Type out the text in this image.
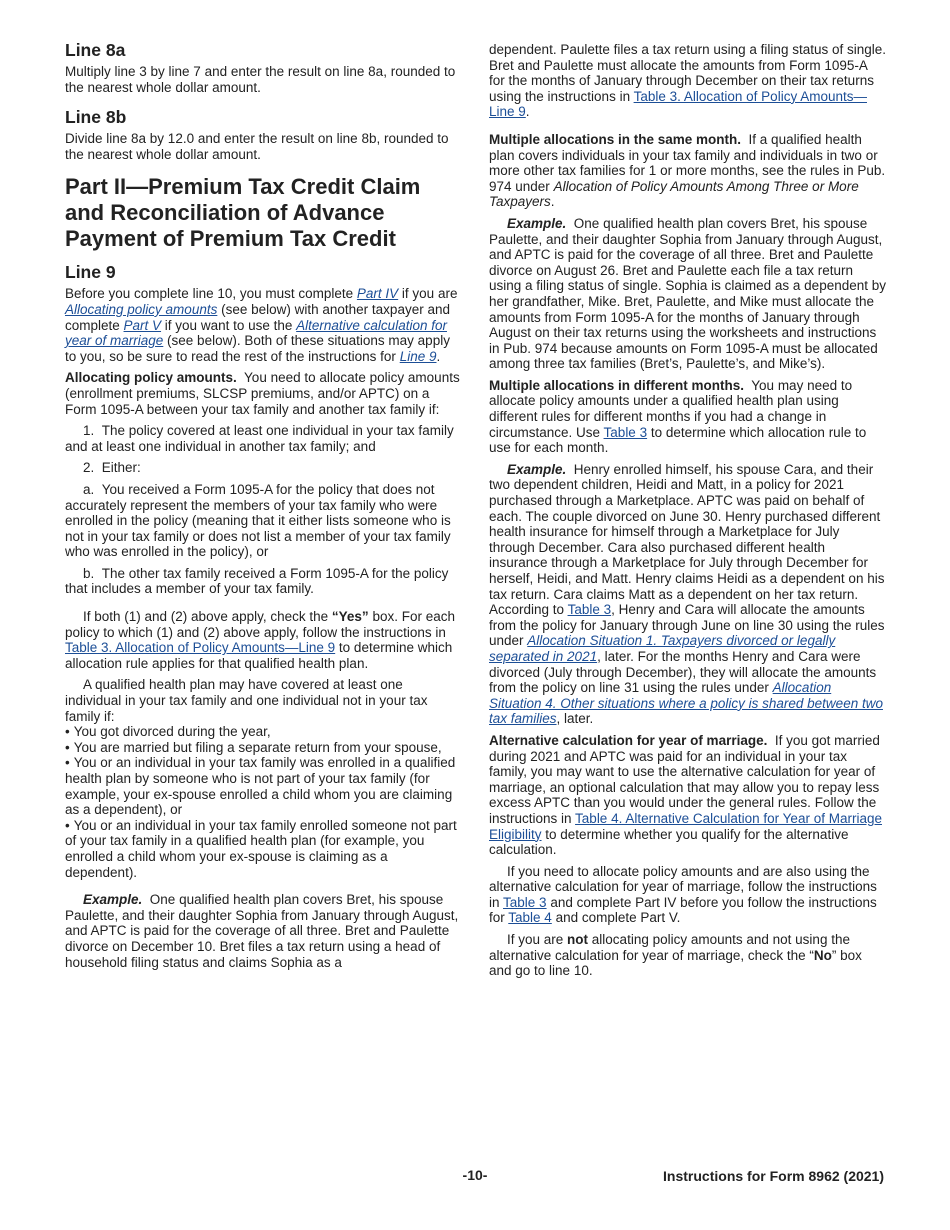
Line 8a

Multiply line 3 by line 7 and enter the result on line 8a, rounded to the nearest whole dollar amount.

Line 8b

Divide line 8a by 12.0 and enter the result on line 8b, rounded to the nearest whole dollar amount.

Part II—Premium Tax Credit Claim and Reconciliation of Advance Payment of Premium Tax Credit
Line 9

Before you complete line 10, you must complete Part IV if you are Allocating policy amounts (see below) with another taxpayer and complete Part V if you want to use the Alternative calculation for year of marriage (see below). Both of these situations may apply to you, so be sure to read the rest of the instructions for Line 9.

Allocating policy amounts. You need to allocate policy amounts (enrollment premiums, SLCSP premiums, and/or APTC) on a Form 1095-A between your tax family and another tax family if:

1.  The policy covered at least one individual in your tax family and at least one individual in another tax family; and

2.  Either:

a.  You received a Form 1095-A for the policy that does not accurately represent the members of your tax family who were enrolled in the policy (meaning that it either lists someone who is not in your tax family or does not list a member of your tax family who was enrolled in the policy), or

b.  The other tax family received a Form 1095-A for the policy that includes a member of your tax family.

If both (1) and (2) above apply, check the “Yes” box. For each policy to which (1) and (2) above apply, follow the instructions in Table 3. Allocation of Policy Amounts—Line 9 to determine which allocation rule applies for that qualified health plan.

A qualified health plan may have covered at least one individual in your tax family and one individual not in your tax family if:

• You got divorced during the year,
• You are married but filing a separate return from your spouse,
• You or an individual in your tax family was enrolled in a qualified health plan by someone who is not part of your tax family (for example, your ex-spouse enrolled a child whom you are claiming as a dependent), or
• You or an individual in your tax family enrolled someone not part of your tax family in a qualified health plan (for example, you enrolled a child whom your ex-spouse is claiming as a dependent).

Example. One qualified health plan covers Bret, his spouse Paulette, and their daughter Sophia from January through August, and APTC is paid for the coverage of all three. Bret and Paulette divorce on December 10. Bret files a tax return using a head of household filing status and claims Sophia as a

dependent. Paulette files a tax return using a filing status of single. Bret and Paulette must allocate the amounts from Form 1095-A for the months of January through December on their tax returns using the instructions in Table 3. Allocation of Policy Amounts—Line 9.

Multiple allocations in the same month. If a qualified health plan covers individuals in your tax family and individuals in two or more other tax families for 1 or more months, see the rules in Pub. 974 under Allocation of Policy Amounts Among Three or More Taxpayers.

Example. One qualified health plan covers Bret, his spouse Paulette, and their daughter Sophia from January through August, and APTC is paid for the coverage of all three. Bret and Paulette divorce on August 26. Bret and Paulette each file a tax return using a filing status of single. Sophia is claimed as a dependent by her grandfather, Mike. Bret, Paulette, and Mike must allocate the amounts from Form 1095-A for the months of January through August on their tax returns using the worksheets and instructions in Pub. 974 because amounts on Form 1095-A must be allocated among three tax families (Bret’s, Paulette’s, and Mike’s).

Multiple allocations in different months. You may need to allocate policy amounts under a qualified health plan using different rules for different months if you had a change in circumstance. Use Table 3 to determine which allocation rule to use for each month.

Example. Henry enrolled himself, his spouse Cara, and their two dependent children, Heidi and Matt, in a policy for 2021 purchased through a Marketplace. APTC was paid on behalf of each. The couple divorced on June 30. Henry purchased different health insurance for himself through a Marketplace for July through December. Cara also purchased different health insurance through a Marketplace for July through December for herself, Heidi, and Matt. Henry claims Heidi as a dependent on his tax return. Cara claims Matt as a dependent on her tax return. According to Table 3, Henry and Cara will allocate the amounts from the policy for January through June on line 30 using the rules under Allocation Situation 1. Taxpayers divorced or legally separated in 2021, later. For the months Henry and Cara were divorced (July through December), they will allocate the amounts from the policy on line 31 using the rules under Allocation Situation 4. Other situations where a policy is shared between two tax families, later.

Alternative calculation for year of marriage. If you got married during 2021 and APTC was paid for an individual in your tax family, you may want to use the alternative calculation for year of marriage, an optional calculation that may allow you to repay less excess APTC than you would under the general rules. Follow the instructions in Table 4. Alternative Calculation for Year of Marriage Eligibility to determine whether you qualify for the alternative calculation.

If you need to allocate policy amounts and are also using the alternative calculation for year of marriage, follow the instructions in Table 3 and complete Part IV before you follow the instructions for Table 4 and complete Part V.

If you are not allocating policy amounts and not using the alternative calculation for year of marriage, check the “No” box and go to line 10.

-10-	Instructions for Form 8962 (2021)
